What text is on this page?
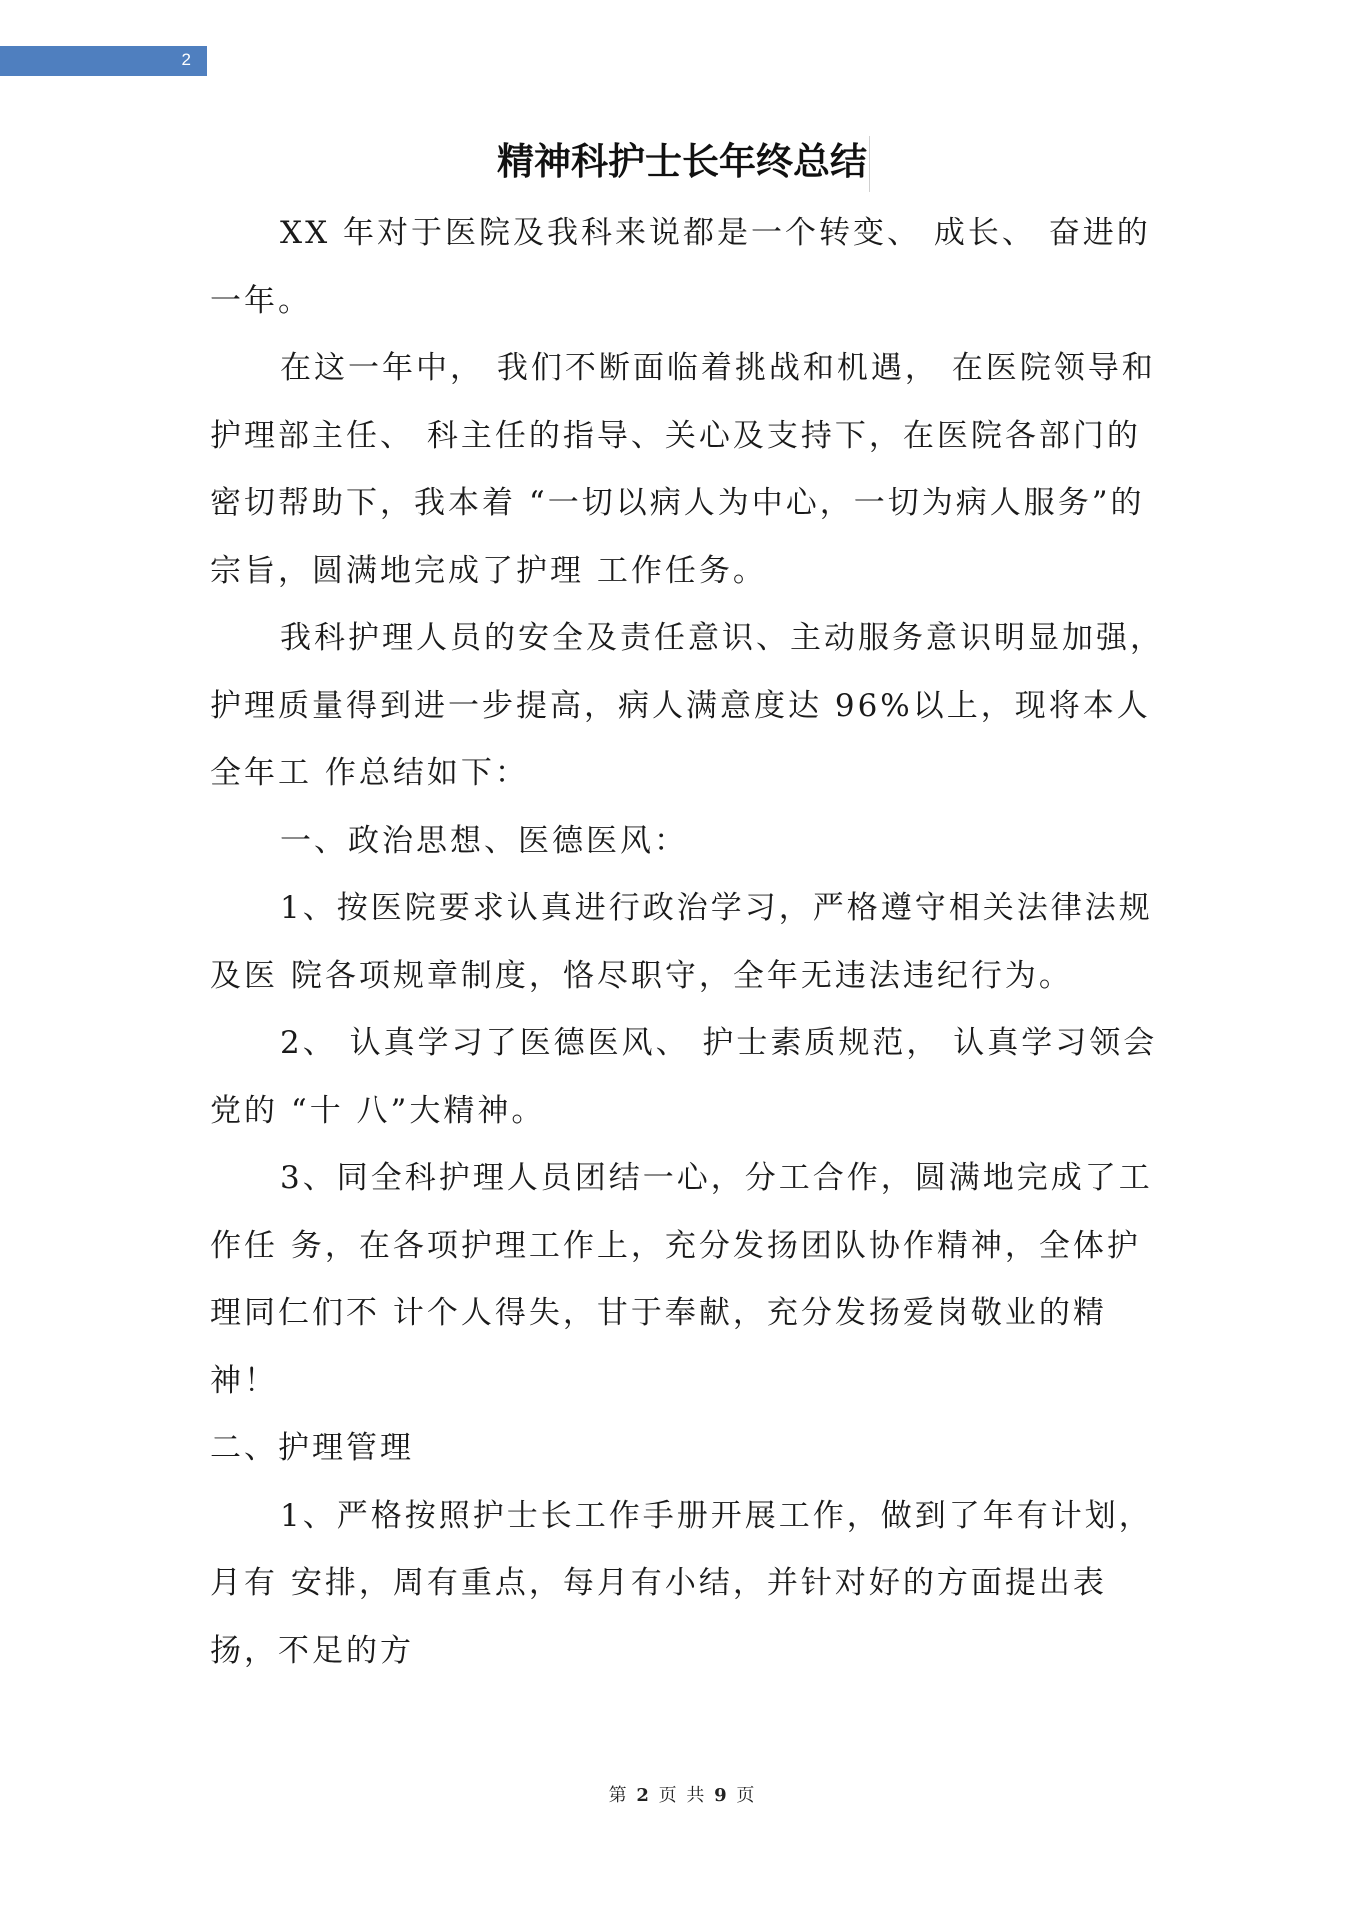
2
精神科护士长年终总结

XX 年对于医院及我科来说都是一个转变、 成长、 奋进的一年。

在这一年中， 我们不断面临着挑战和机遇， 在医院领导和护理部主任、 科主任的指导、关心及支持下，在医院各部门的密切帮助下，我本着 “一切以病人为中心，一切为病人服务”的宗旨，圆满地完成了护理 工作任务。

我科护理人员的安全及责任意识、主动服务意识明显加强，护理质量得到进一步提高，病人满意度达 96%以上，现将本人全年工 作总结如下：

一、政治思想、医德医风：

1、按医院要求认真进行政治学习，严格遵守相关法律法规及医 院各项规章制度，恪尽职守，全年无违法违纪行为。

2、 认真学习了医德医风、 护士素质规范， 认真学习领会党的 “十 八”大精神。

3、同全科护理人员团结一心，分工合作，圆满地完成了工作任 务，在各项护理工作上，充分发扬团队协作精神，全体护理同仁们不 计个人得失，甘于奉献，充分发扬爱岗敬业的精神！

二、护理管理

1、严格按照护士长工作手册开展工作，做到了年有计划，月有 安排，周有重点，每月有小结，并针对好的方面提出表扬，不足的方

第 2 页 共 9 页
